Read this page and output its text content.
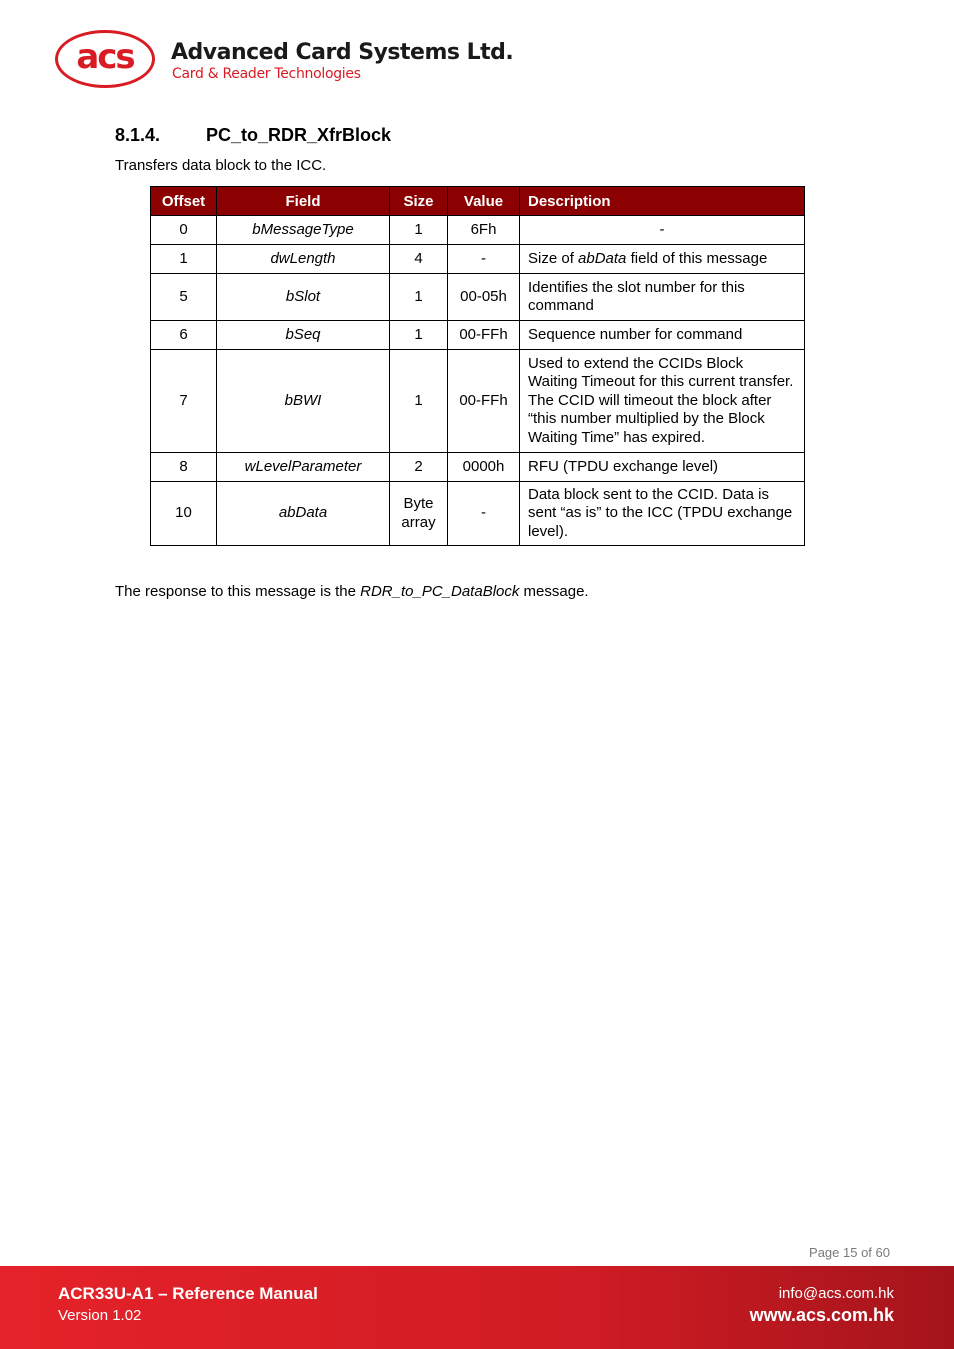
acs Advanced Card Systems Ltd.
Card & Reader Technologies
8.1.4.	PC_to_RDR_XfrBlock
Transfers data block to the ICC.
Offset	Field	Size	Value	Description
0	bMessageType	1	6Fh	-
1	dwLength	4	-	Size of abData field of this message
5	bSlot	1	00-05h	Identifies the slot number for this command
6	bSeq	1	00-FFh	Sequence number for command
7	bBWI	1	00-FFh	Used to extend the CCIDs Block Waiting Timeout for this current transfer. The CCID will timeout the block after “this number multiplied by the Block Waiting Time” has expired.
8	wLevelParameter	2	0000h	RFU (TPDU exchange level)
10	abData	Byte array	-	Data block sent to the CCID. Data is sent “as is” to the ICC (TPDU exchange level).
The response to this message is the RDR_to_PC_DataBlock message.
Page 15 of 60
ACR33U-A1 – Reference Manual
Version 1.02
info@acs.com.hk
www.acs.com.hk
